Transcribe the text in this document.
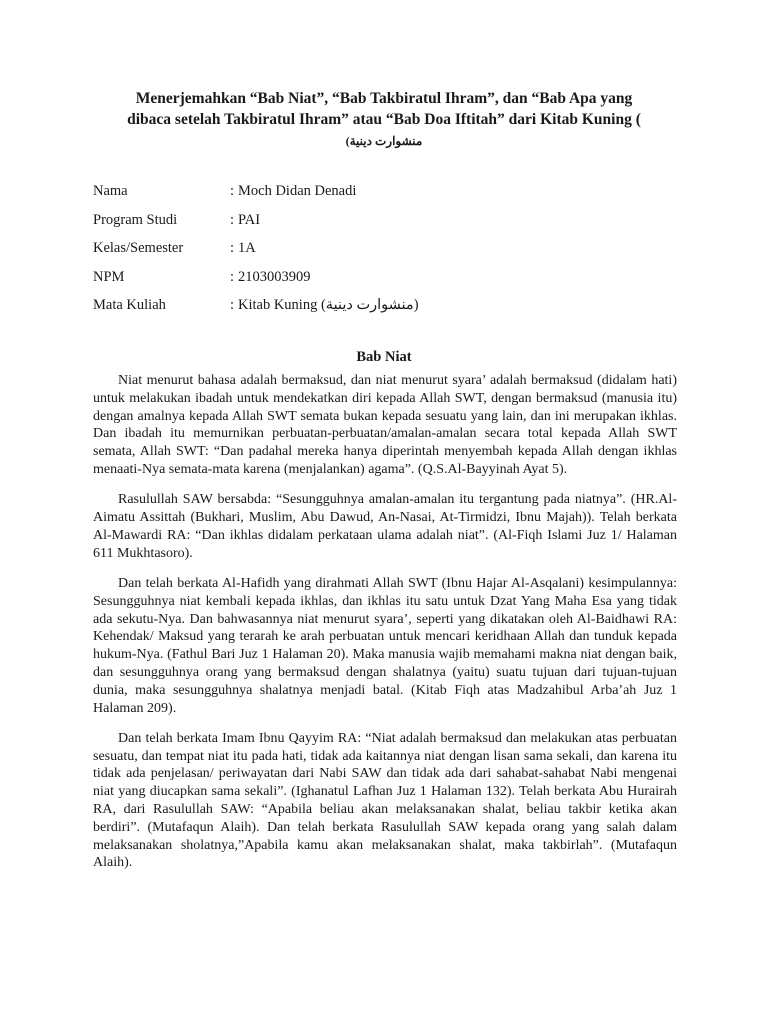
Menerjemahkan “Bab Niat”, “Bab Takbiratul Ihram”, dan “Bab Apa yang
dibaca setelah Takbiratul Ihram” atau “Bab Doa Iftitah” dari Kitab Kuning (
منشوارت دينية)
Nama	: Moch Didan Denadi
Program Studi	: PAI
Kelas/Semester	: 1A
NPM	: 2103003909
Mata Kuliah	: Kitab Kuning (منشوارت دينية)
Bab Niat

Niat menurut bahasa adalah bermaksud, dan niat menurut syara’ adalah bermaksud (didalam hati) untuk melakukan ibadah untuk mendekatkan diri kepada Allah SWT, dengan bermaksud (manusia itu) dengan amalnya kepada Allah SWT semata bukan kepada sesuatu yang lain, dan ini merupakan ikhlas. Dan ibadah itu memurnikan perbuatan-perbuatan/amalan-amalan secara total kepada Allah SWT semata, Allah SWT: “Dan padahal mereka hanya diperintah menyembah kepada Allah dengan ikhlas menaati-Nya semata-mata karena (menjalankan) agama”. (Q.S.Al-Bayyinah Ayat 5).

Rasulullah SAW bersabda: “Sesungguhnya amalan-amalan itu tergantung pada niatnya”. (HR.Al-Aimatu Assittah (Bukhari, Muslim, Abu Dawud, An-Nasai, At-Tirmidzi, Ibnu Majah)). Telah berkata Al-Mawardi RA: “Dan ikhlas didalam perkataan ulama adalah niat”. (Al-Fiqh Islami Juz 1/ Halaman 611 Mukhtasoro).

Dan telah berkata Al-Hafidh yang dirahmati Allah SWT (Ibnu Hajar Al-Asqalani) kesimpulannya: Sesungguhnya niat kembali kepada ikhlas, dan ikhlas itu satu untuk Dzat Yang Maha Esa yang tidak ada sekutu-Nya. Dan bahwasannya niat menurut syara’, seperti yang dikatakan oleh Al-Baidhawi RA: Kehendak/ Maksud yang terarah ke arah perbuatan untuk mencari keridhaan Allah dan tunduk kepada hukum-Nya. (Fathul Bari Juz 1 Halaman 20). Maka manusia wajib memahami makna niat dengan baik, dan sesungguhnya orang yang bermaksud dengan shalatnya (yaitu) suatu tujuan dari tujuan-tujuan dunia, maka sesungguhnya shalatnya menjadi batal. (Kitab Fiqh atas Madzahibul Arba’ah Juz 1 Halaman 209).

Dan telah berkata Imam Ibnu Qayyim RA: “Niat adalah bermaksud dan melakukan atas perbuatan sesuatu, dan tempat niat itu pada hati, tidak ada kaitannya niat dengan lisan sama sekali, dan karena itu tidak ada penjelasan/ periwayatan dari Nabi SAW dan tidak ada dari sahabat-sahabat Nabi mengenai niat yang diucapkan sama sekali”. (Ighanatul Lafhan Juz 1 Halaman 132). Telah berkata Abu Hurairah RA, dari Rasulullah SAW: “Apabila beliau akan melaksanakan shalat, beliau takbir ketika akan berdiri”. (Mutafaqun Alaih). Dan telah berkata Rasulullah SAW kepada orang yang salah dalam melaksanakan sholatnya,”Apabila kamu akan melaksanakan shalat, maka takbirlah”. (Mutafaqun Alaih).
